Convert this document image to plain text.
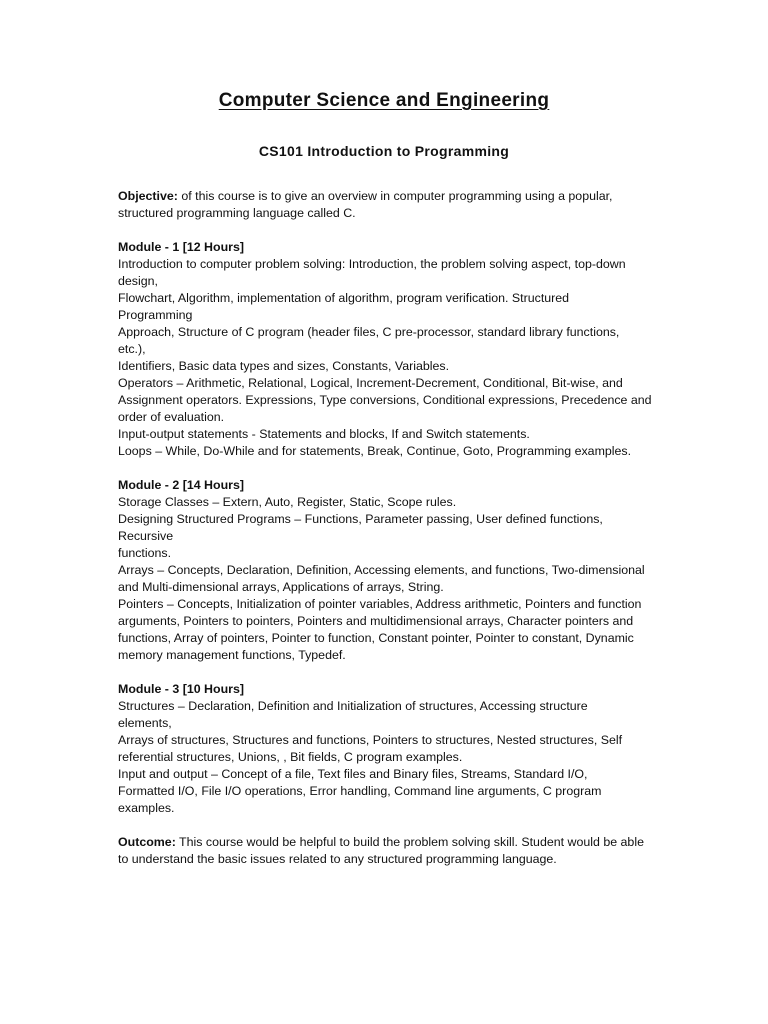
Computer Science and Engineering
CS101 Introduction to Programming
Objective: of this course is to give an overview in computer programming using a popular,
structured programming language called C.
Module - 1 [12 Hours]
Introduction to computer problem solving: Introduction, the problem solving aspect, top-down
design,
Flowchart, Algorithm, implementation of algorithm, program verification. Structured
Programming
Approach, Structure of C program (header files, C pre-processor, standard library functions,
etc.),
Identifiers, Basic data types and sizes, Constants, Variables.
Operators – Arithmetic, Relational, Logical, Increment-Decrement, Conditional, Bit-wise, and
Assignment operators. Expressions, Type conversions, Conditional expressions, Precedence and
order of evaluation.
Input-output statements - Statements and blocks, If and Switch statements.
Loops – While, Do-While and for statements, Break, Continue, Goto, Programming examples.
Module - 2 [14 Hours]
Storage Classes – Extern, Auto, Register, Static, Scope rules.
Designing Structured Programs – Functions, Parameter passing, User defined functions,
Recursive
functions.
Arrays – Concepts, Declaration, Definition, Accessing elements, and functions, Two-dimensional
and Multi-dimensional arrays, Applications of arrays, String.
Pointers – Concepts, Initialization of pointer variables, Address arithmetic, Pointers and function
arguments, Pointers to pointers, Pointers and multidimensional arrays, Character pointers and
functions, Array of pointers, Pointer to function, Constant pointer, Pointer to constant, Dynamic
memory management functions, Typedef.
Module - 3 [10 Hours]
Structures – Declaration, Definition and Initialization of structures, Accessing structure
elements,
Arrays of structures, Structures and functions, Pointers to structures, Nested structures, Self
referential structures, Unions, , Bit fields, C program examples.
Input and output – Concept of a file, Text files and Binary files, Streams, Standard I/O,
Formatted I/O, File I/O operations, Error handling, Command line arguments, C program
examples.
Outcome: This course would be helpful to build the problem solving skill. Student would be able
to understand the basic issues related to any structured programming language.
